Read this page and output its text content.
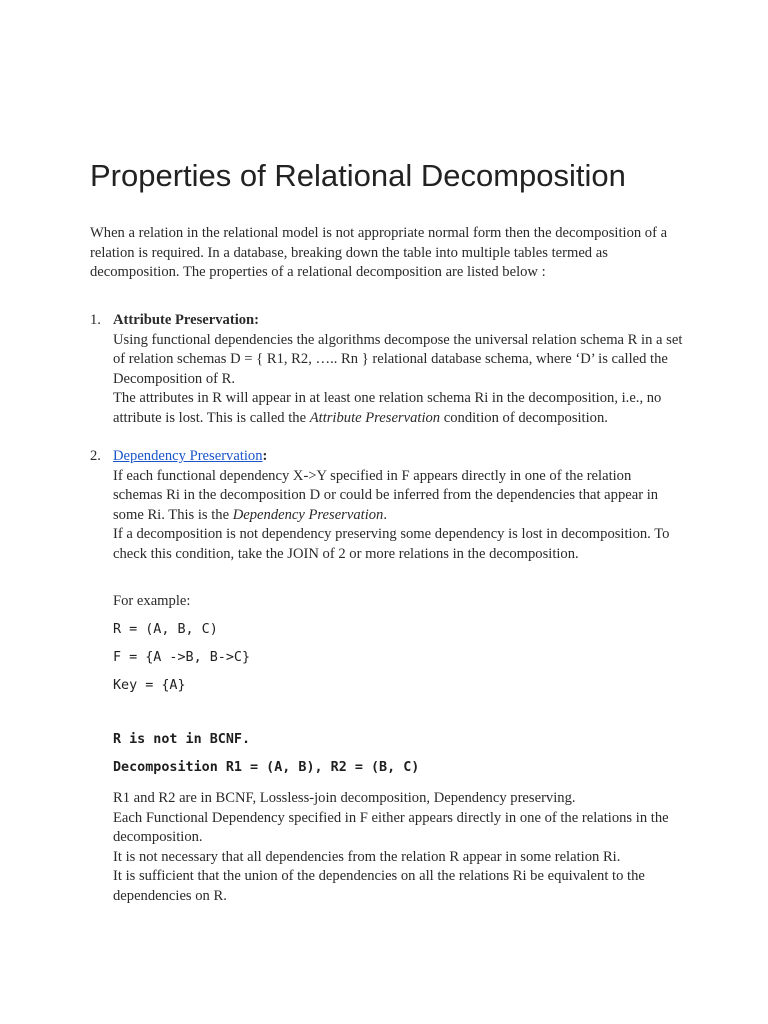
Properties of Relational Decomposition

When a relation in the relational model is not appropriate normal form then the decomposition of a relation is required. In a database, breaking down the table into multiple tables termed as decomposition. The properties of a relational decomposition are listed below :

1. Attribute Preservation:

Using functional dependencies the algorithms decompose the universal relation schema R in a set of relation schemas D = { R1, R2, ….. Rn } relational database schema, where ‘D’ is called the Decomposition of R.

The attributes in R will appear in at least one relation schema Ri in the decomposition, i.e., no attribute is lost. This is called the Attribute Preservation condition of decomposition.

2. Dependency Preservation:

If each functional dependency X->Y specified in F appears directly in one of the relation schemas Ri in the decomposition D or could be inferred from the dependencies that appear in some Ri. This is the Dependency Preservation.

If a decomposition is not dependency preserving some dependency is lost in decomposition. To check this condition, take the JOIN of 2 or more relations in the decomposition.

For example:

R = (A, B, C)

F = {A ->B, B->C}

Key = {A}

R is not in BCNF.

Decomposition R1 = (A, B), R2 = (B, C)

R1 and R2 are in BCNF, Lossless-join decomposition, Dependency preserving.

Each Functional Dependency specified in F either appears directly in one of the relations in the decomposition.

It is not necessary that all dependencies from the relation R appear in some relation Ri.

It is sufficient that the union of the dependencies on all the relations Ri be equivalent to the dependencies on R.
